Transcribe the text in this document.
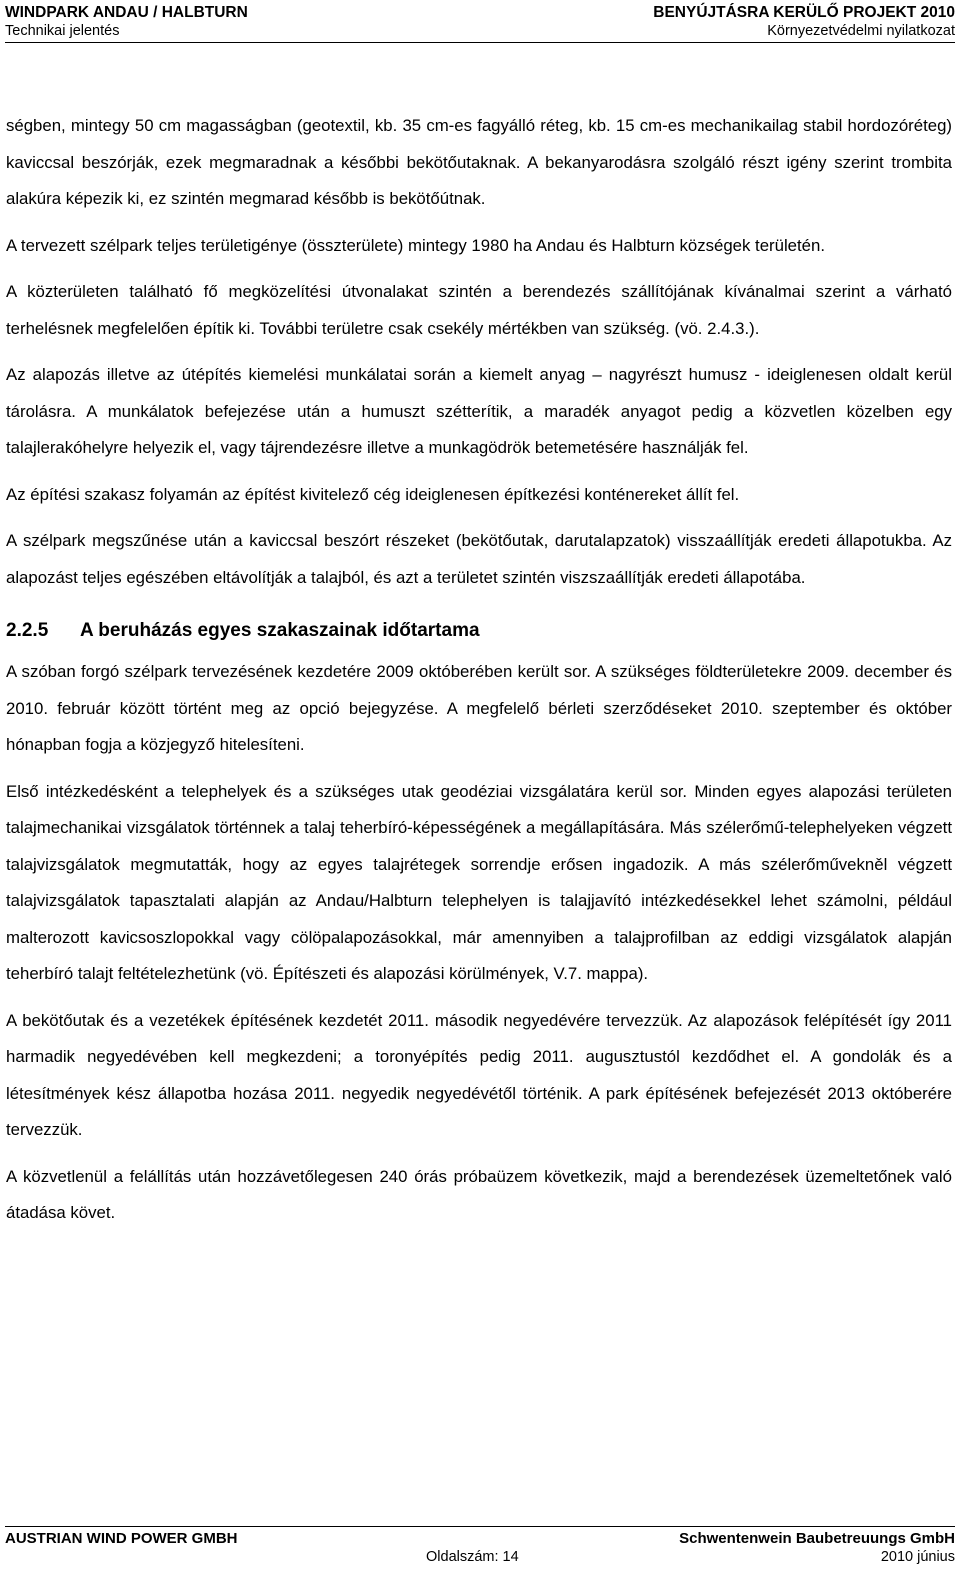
WINDPARK ANDAU / HALBTURN	BENYÚJTÁSRA KERÜLŐ PROJEKT 2010
Technikai jelentés	Környezetvédelmi nyilatkozat

ségben, mintegy 50 cm magasságban (geotextil, kb. 35 cm-es fagyálló réteg, kb. 15 cm-es mechanikailag stabil hordozóréteg) kaviccsal beszórják, ezek megmaradnak a későbbi bekötőutaknak. A bekanyarodásra szolgáló részt igény szerint trombita alakúra képezik ki, ez szintén megmarad később is bekötőútnak.

A tervezett szélpark teljes területigénye (összterülete) mintegy 1980 ha Andau és Halbturn községek területén.

A közterületen található fő megközelítési útvonalakat szintén a berendezés szállítójának kívánalmai szerint a várható terhelésnek megfelelően építik ki. További területre csak csekély mértékben van szükség. (vö. 2.4.3.).

Az alapozás illetve az útépítés kiemelési munkálatai során a kiemelt anyag – nagyrészt humusz - ideiglenesen oldalt kerül tárolásra. A munkálatok befejezése után a humuszt szétterítik, a maradék anyagot pedig a közvetlen közelben egy talajlerakóhelyre helyezik el, vagy tájrendezésre illetve a munkagödrök betemetésére használják fel.

Az építési szakasz folyamán az építést kivitelező cég ideiglenesen építkezési konténereket állít fel.

A szélpark megszűnése után a kaviccsal beszórt részeket (bekötőutak, darutalapzatok) visszaállítják eredeti állapotukba. Az alapozást teljes egészében eltávolítják a talajból, és azt a területet szintén viszszaállítják eredeti állapotába.

2.2.5 A beruházás egyes szakaszainak időtartama

A szóban forgó szélpark tervezésének kezdetére 2009 októberében került sor. A szükséges földterületekre 2009. december és 2010. február között történt meg az opció bejegyzése. A megfelelő bérleti szerződéseket 2010. szeptember és október hónapban fogja a közjegyző hitelesíteni.

Első intézkedésként a telephelyek és a szükséges utak geodéziai vizsgálatára kerül sor. Minden egyes alapozási területen talajmechanikai vizsgálatok történnek a talaj teherbíró-képességének a megállapítására. Más szélerőmű-telephelyeken végzett talajvizsgálatok megmutatták, hogy az egyes talajrétegek sorrendje erősen ingadozik. A más szélerőművekněl végzett talajvizsgálatok tapasztalati alapján az Andau/Halbturn telephelyen is talajjavító intézkedésekkel lehet számolni, például malterozott kavicsoszlopokkal vagy cölöpalapozásokkal, már amennyiben a talajprofilban az eddigi vizsgálatok alapján teherbíró talajt feltételezhetünk (vö. Építészeti és alapozási körülmények, V.7. mappa).

A bekötőutak és a vezetékek építésének kezdetét 2011. második negyedévére tervezzük. Az alapozások felépítését így 2011 harmadik negyedévében kell megkezdeni; a toronyépítés pedig 2011. augusztustól kezdődhet el. A gondolák és a létesítmények kész állapotba hozása 2011. negyedik negyedévétől történik. A park építésének befejezését 2013 októberére tervezzük.

A közvetlenül a felállítás után hozzávetőlegesen 240 órás próbaüzem következik, majd a berendezések üzemeltetőnek való átadása követ.

AUSTRIAN WIND POWER GMBH	Schwentenwein Baubetreuungs GmbH
Oldalszám: 14	2010 június
